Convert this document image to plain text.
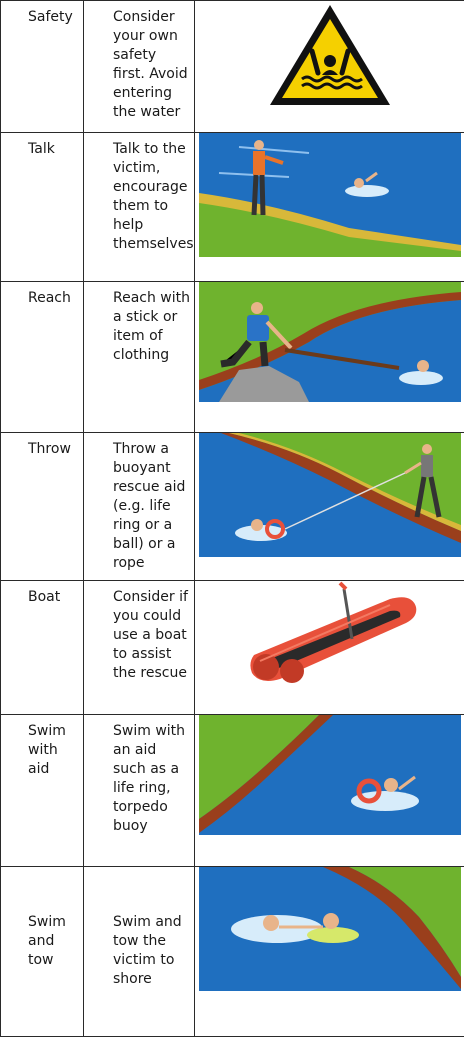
Safety	Consider your own safety first. Avoid entering the water

Talk	Talk to the victim, encourage them to help themselves

Reach	Reach with a stick or item of clothing

Throw	Throw a buoyant rescue aid (e.g. life ring or a ball) or a rope

Boat	Consider if you could use a boat to assist the rescue

Swim with aid	Swim with an aid such as a life ring, torpedo buoy

Swim and tow	Swim and tow the victim to shore
